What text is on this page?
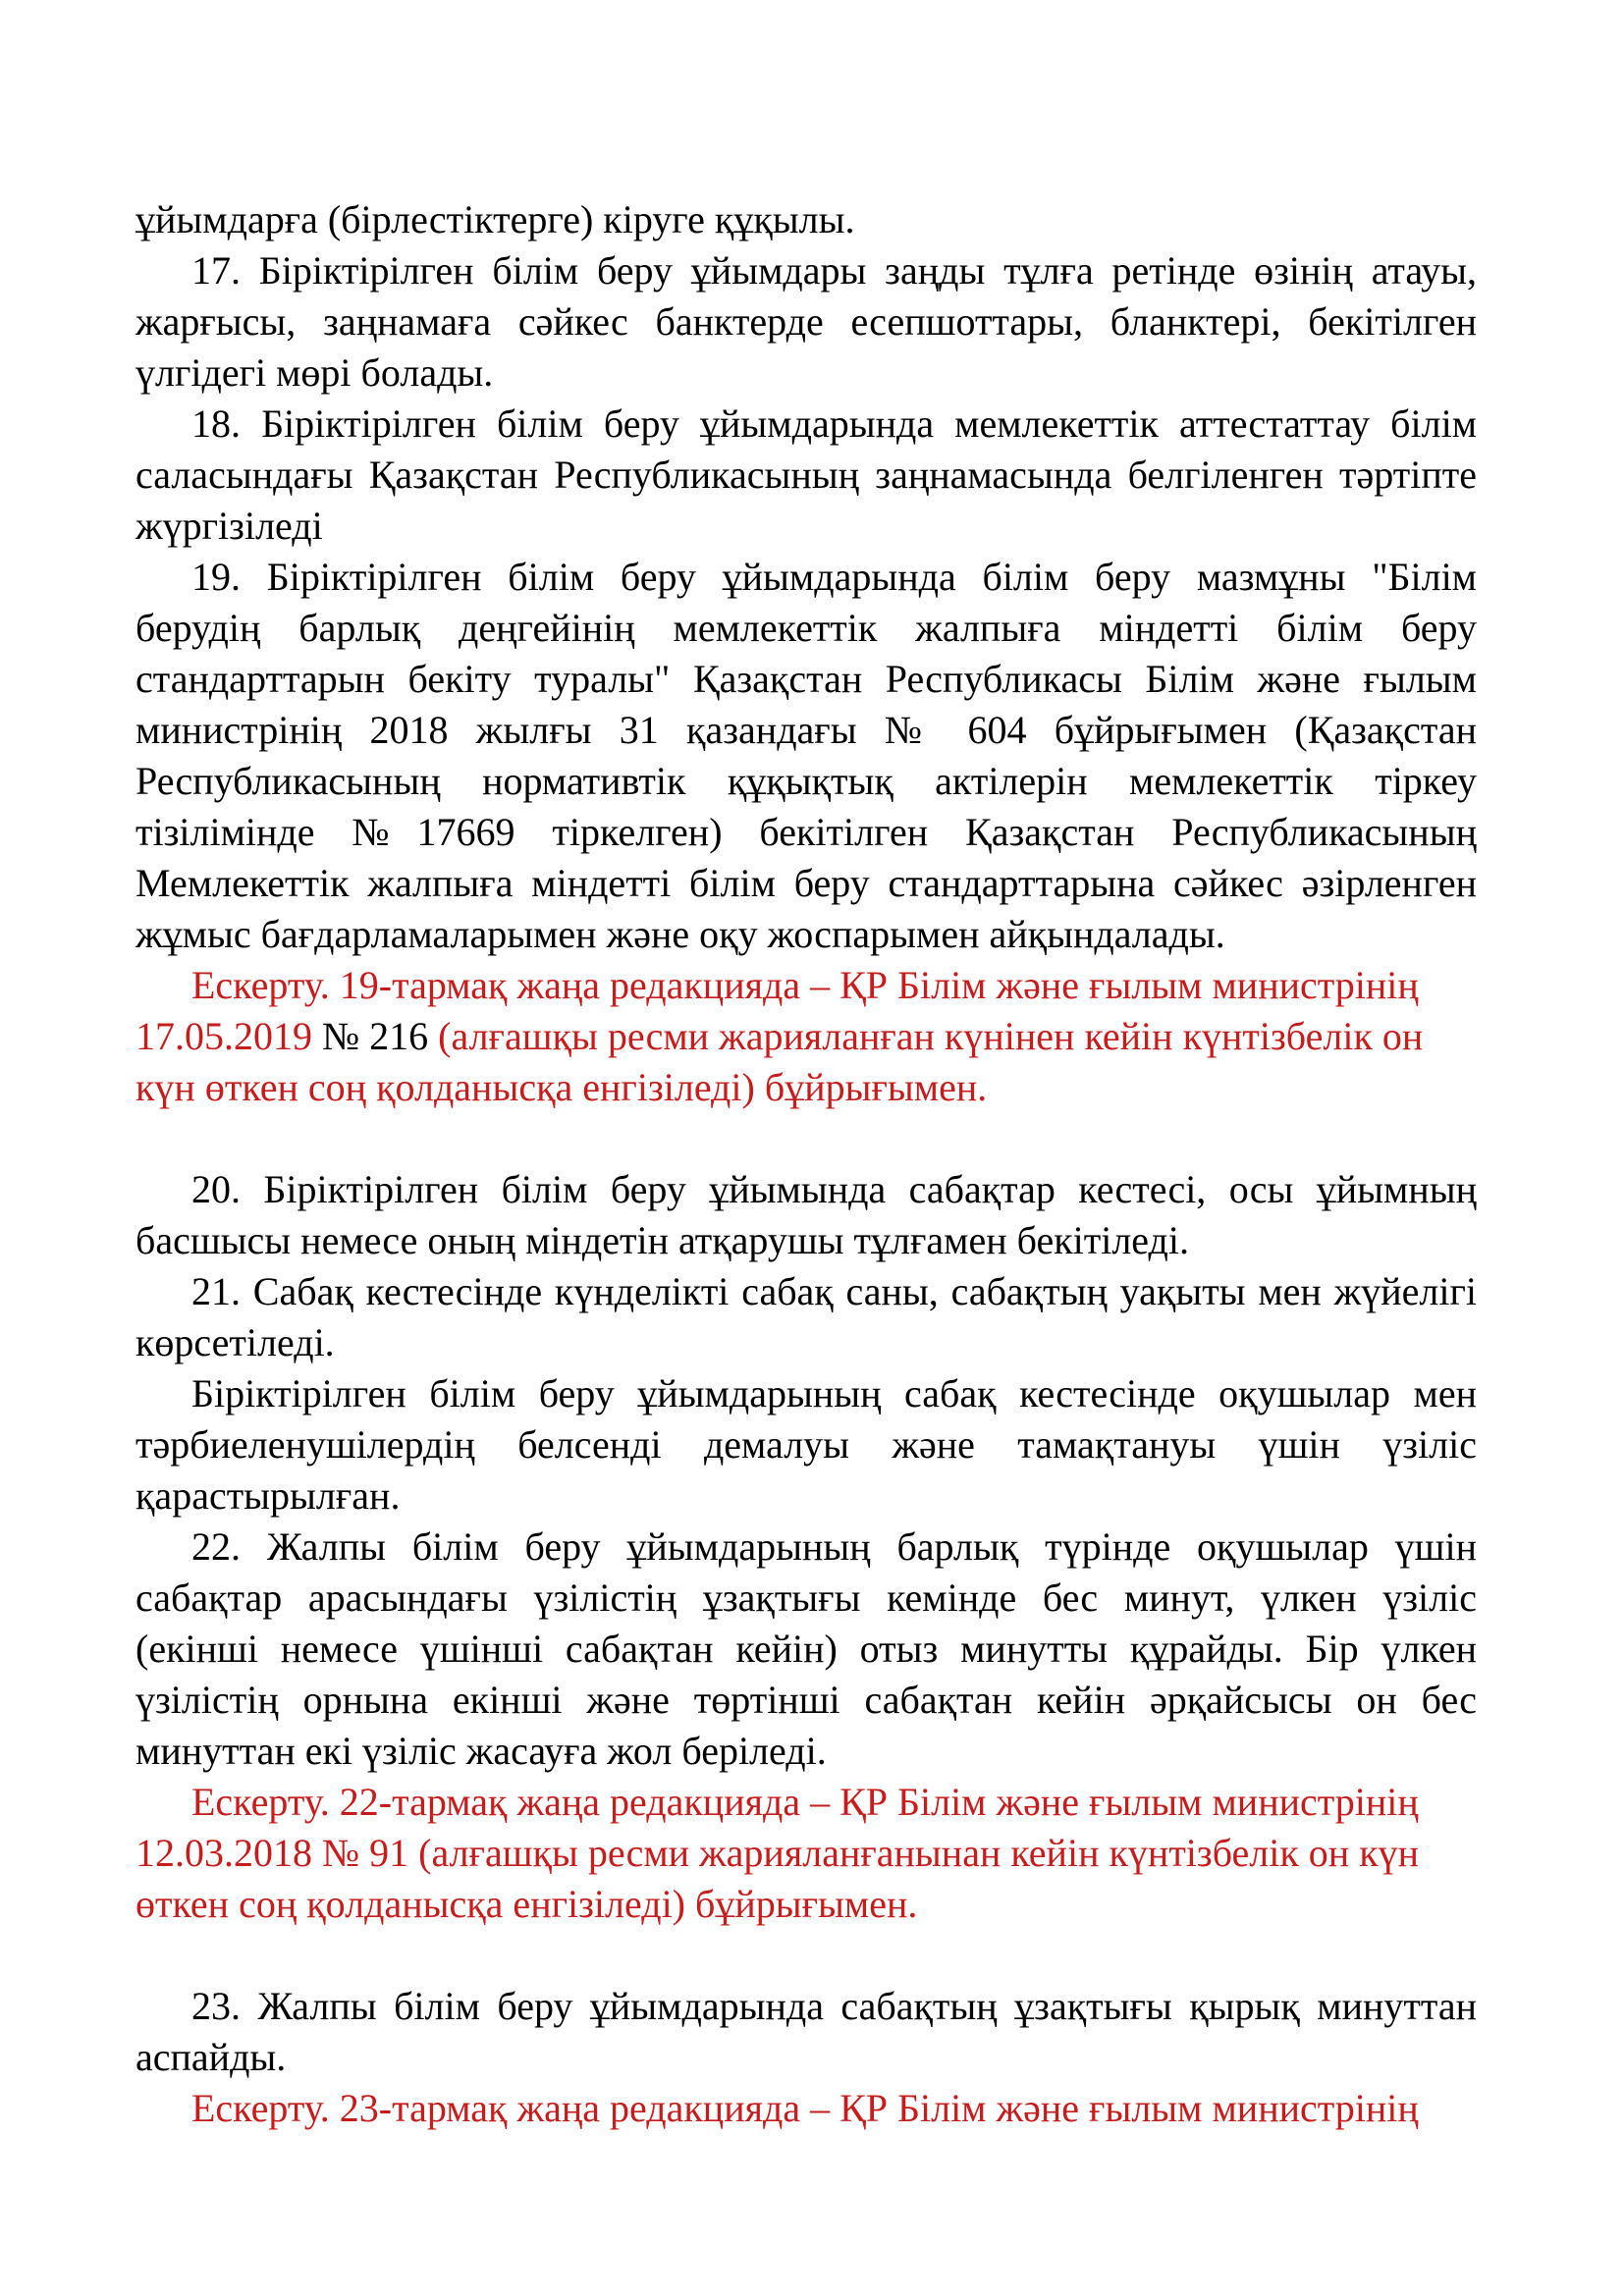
ұйымдарға (бірлестіктерге) кіруге құқылы.

17. Біріктірілген білім беру ұйымдары заңды тұлға ретінде өзінің атауы, жарғысы, заңнамаға сәйкес банктерде есепшоттары, бланктері, бекітілген үлгідегі мөрі болады.

18. Біріктірілген білім беру ұйымдарында мемлекеттік аттестаттау білім саласындағы Қазақстан Республикасының заңнамасында белгіленген тәртіпте жүргізіледі

19. Біріктірілген білім беру ұйымдарында білім беру мазмұны "Білім берудің барлық деңгейінің мемлекеттік жалпыға міндетті білім беру стандарттарын бекіту туралы" Қазақстан Республикасы Білім және ғылым министрінің 2018 жылғы 31 қазандағы № 604 бұйрығымен (Қазақстан Республикасының нормативтік құқықтық актілерін мемлекеттік тіркеу тізілімінде №17669 тіркелген) бекітілген Қазақстан Республикасының Мемлекеттік жалпыға міндетті білім беру стандарттарына сәйкес әзірленген жұмыс бағдарламаларымен және оқу жоспарымен айқындалады.

Ескерту. 19-тармақ жаңа редакцияда – ҚР Білім және ғылым министрінің 17.05.2019 № 216 (алғашқы ресми жарияланған күнінен кейін күнтізбелік он күн өткен соң қолданысқа енгізіледі) бұйрығымен.

20. Біріктірілген білім беру ұйымында сабақтар кестесі, осы ұйымның басшысы немесе оның міндетін атқарушы тұлғамен бекітіледі.

21. Сабақ кестесінде күнделікті сабақ саны, сабақтың уақыты мен жүйелігі көрсетіледі.

Біріктірілген білім беру ұйымдарының сабақ кестесінде оқушылар мен тәрбиеленушілердің белсенді демалуы және тамақтануы үшін үзіліс қарастырылған.

22. Жалпы білім беру ұйымдарының барлық түрінде оқушылар үшін сабақтар арасындағы үзілістің ұзақтығы кемінде бес минут, үлкен үзіліс (екінші немесе үшінші сабақтан кейін) отыз минутты құрайды. Бір үлкен үзілістің орнына екінші және төртінші сабақтан кейін әрқайсысы он бес минуттан екі үзіліс жасауға жол беріледі.

Ескерту. 22-тармақ жаңа редакцияда – ҚР Білім және ғылым министрінің 12.03.2018 № 91 (алғашқы ресми жарияланғанынан кейін күнтізбелік он күн өткен соң қолданысқа енгізіледі) бұйрығымен.

23. Жалпы білім беру ұйымдарында сабақтың ұзақтығы қырық минуттан аспайды.

Ескерту. 23-тармақ жаңа редакцияда – ҚР Білім және ғылым министрінің
